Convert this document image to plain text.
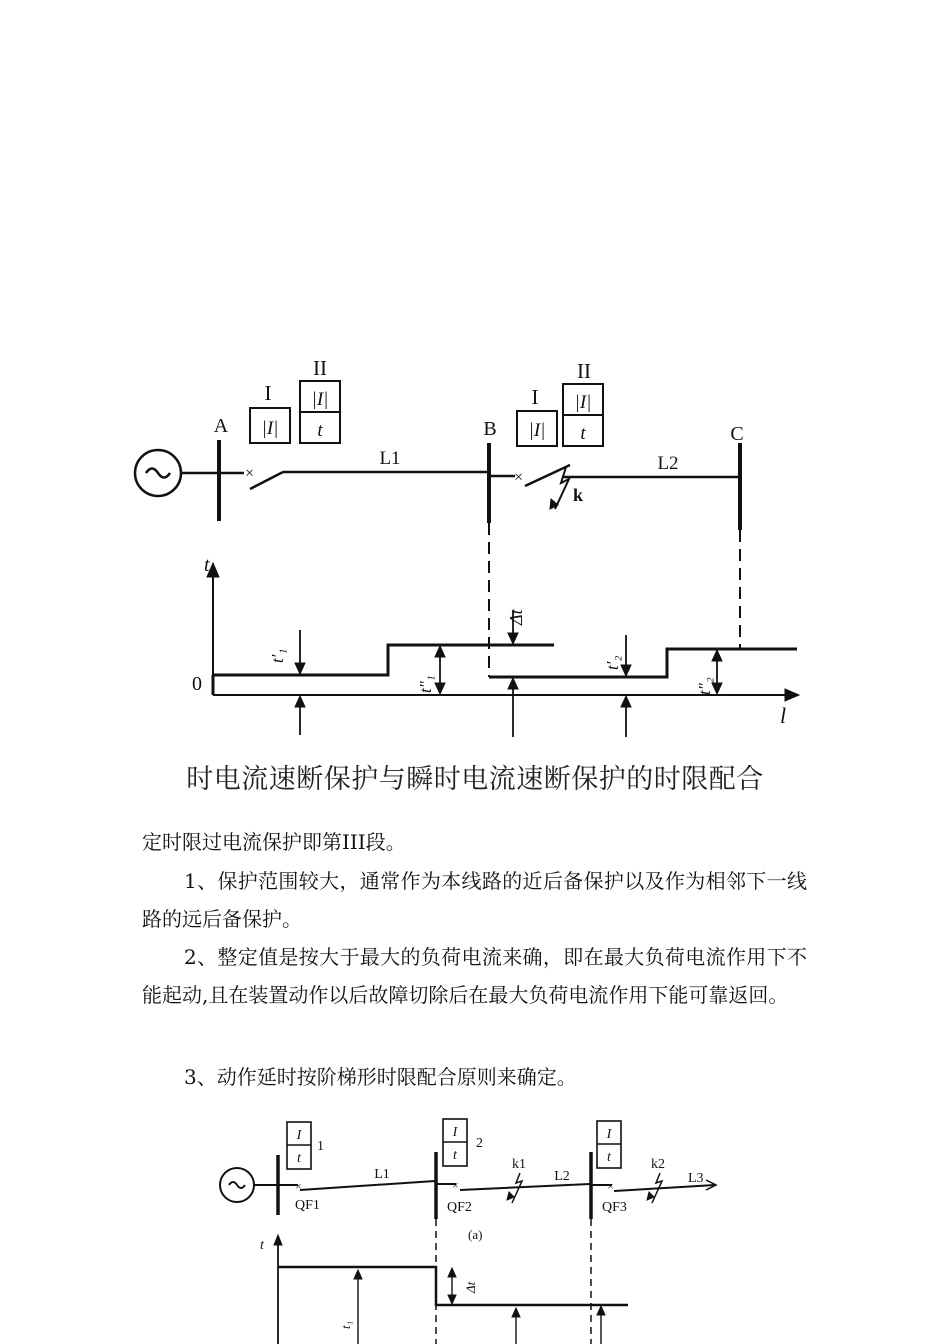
I
II
|I|
|I|
t
I
II
|I|
|I|
t
A	B	C
L1	L2
k
×	×
t
l
0
Δt
t′₁
t″₁
t′₂
t″₂
时电流速断保护与瞬时电流速断保护的时限配合

定时限过电流保护即第III段。

1、保护范围较大，通常作为本线路的近后备保护以及作为相邻下一线路的远后备保护。

2、整定值是按大于最大的负荷电流来确，即在最大负荷电流作用下不能起动,且在装置动作以后故障切除后在最大负荷电流作用下能可靠返回。

3、动作延时按阶梯形时限配合原则来确定。

I
t
I
t
I
t
1	2
QF1	QF2	QF3
L1	L2	L3
k1	k2
(a)
t
t₁
Δt
×	×	×
